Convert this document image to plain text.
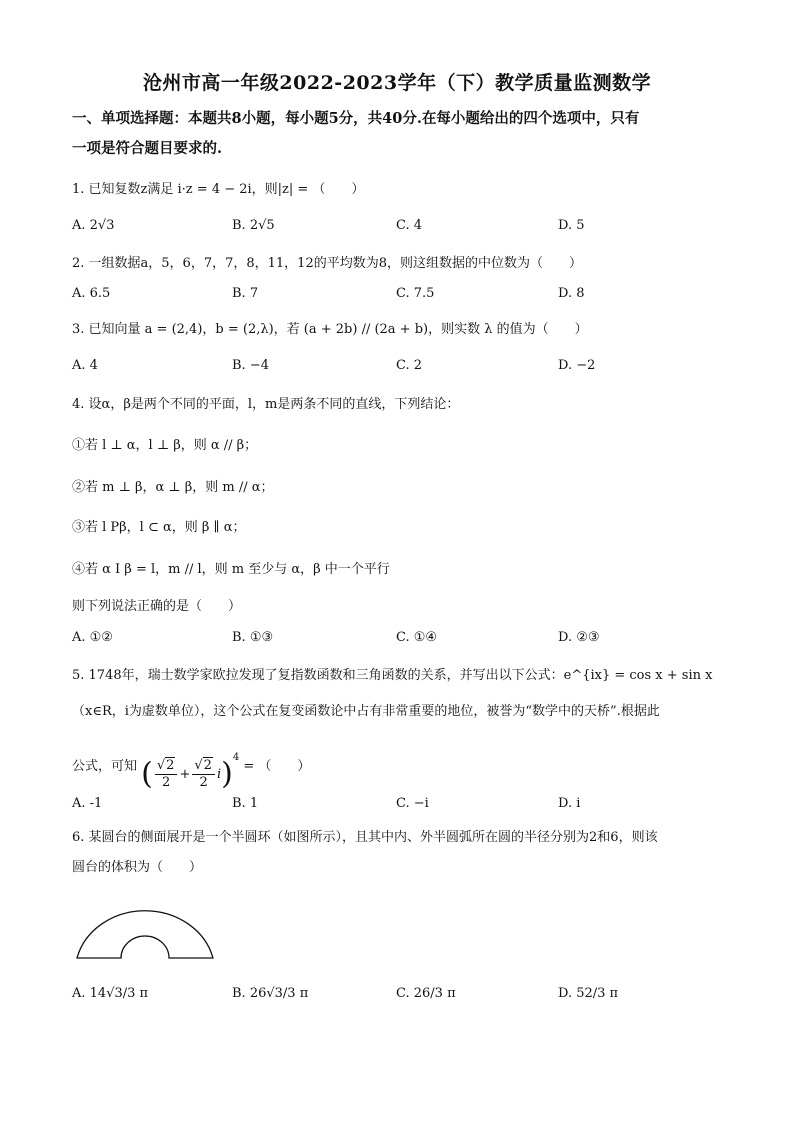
沧州市高一年级2022-2023学年（下）教学质量监测数学
一、单项选择题：本题共8小题，每小题5分，共40分.在每小题给出的四个选项中，只有
一项是符合题目要求的.
1. 已知复数z满足 i·z = 4 − 2i，则|z| = （　　）
A. 2√3	B. 2√5	C. 4	D. 5
2. 一组数据a，5，6，7，7，8，11，12的平均数为8，则这组数据的中位数为（　　）
A. 6.5	B. 7	C. 7.5	D. 8
3. 已知向量 a = (2,4)，b = (2,λ)，若 (a + 2b) // (2a + b)，则实数 λ 的值为（　　）
A. 4	B. −4	C. 2	D. −2
4. 设α，β是两个不同的平面，l，m是两条不同的直线，下列结论：
①若 l ⊥ α，l ⊥ β，则 α // β；
②若 m ⊥ β，α ⊥ β，则 m // α；
③若 l Pβ，l ⊂ α，则 β ∥ α；
④若 α I β = l，m // l，则 m 至少与 α，β 中一个平行
则下列说法正确的是（　　）
A. ①②	B. ①③	C. ①④	D. ②③
5. 1748年，瑞士数学家欧拉发现了复指数函数和三角函数的关系，并写出以下公式：e^{ix} = cos x + sin x
（x∈R，i为虚数单位），这个公式在复变函数论中占有非常重要的地位，被誉为“数学中的天桥”.根据此
公式，可知 ( $\frac{√2}{2} + \frac{√2}{2} i)^4$ = （　　）
A. -1	B. 1	C. −i	D. i
6. 某圆台的侧面展开是一个半圆环（如图所示），且其中内、外半圆弧所在圆的半径分别为2和6，则该
圆台的体积为（　　）
A. 14√3/3 π	B. 26√3/3 π	C. 26/3 π	D. 52/3 π
